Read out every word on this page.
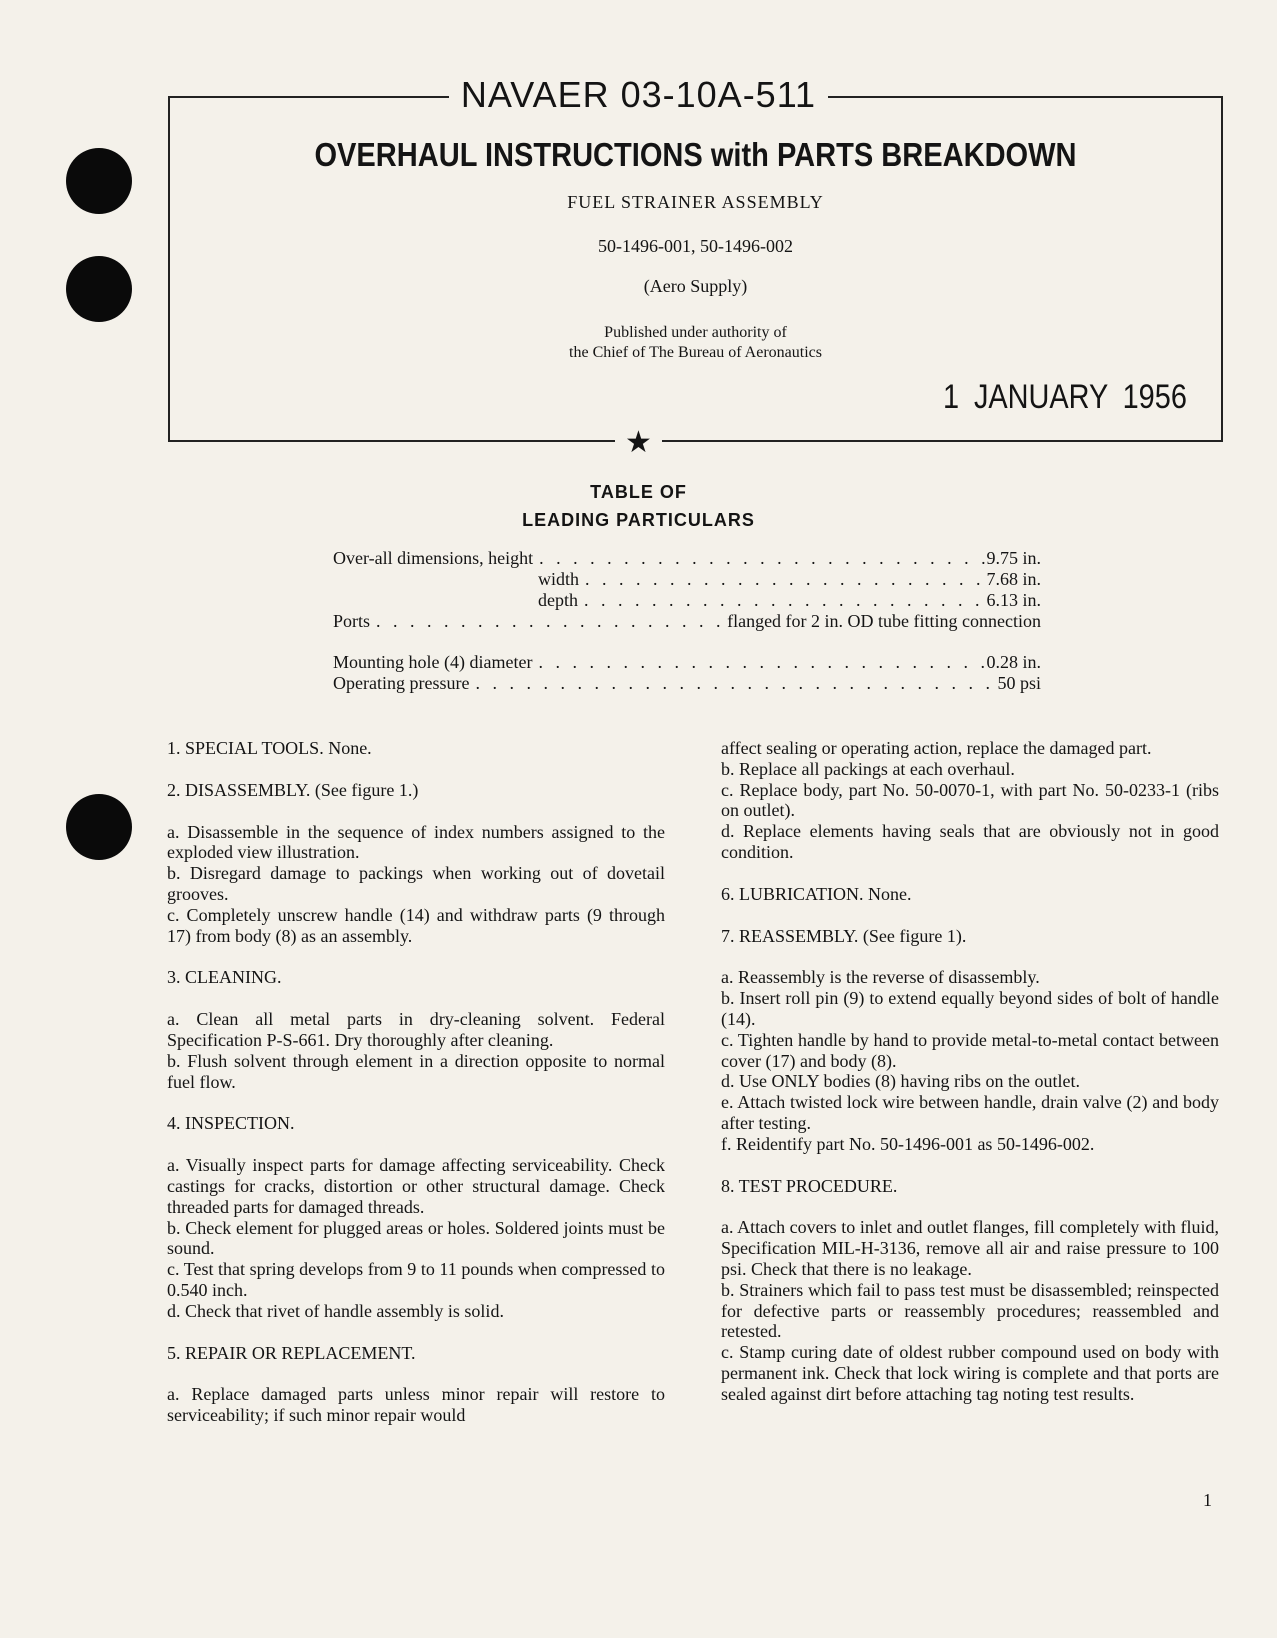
NAVAER 03-10A-511
OVERHAUL INSTRUCTIONS with PARTS BREAKDOWN
FUEL STRAINER ASSEMBLY
50-1496-001, 50-1496-002
(Aero Supply)
Published under authority of
the Chief of The Bureau of Aeronautics
1 JANUARY 1956
★
TABLE OF
LEADING PARTICULARS
Over-all dimensions, height . . .	9.75 in.
width . . .	7.68 in.
depth . . .	6.13 in.
Ports . . .	flanged for 2 in. OD tube fitting connection
Mounting hole (4) diameter . . .	0.28 in.
Operating pressure . . .	50 psi

1. SPECIAL TOOLS. None.

2. DISASSEMBLY. (See figure 1.)

a. Disassemble in the sequence of index numbers assigned to the exploded view illustration.

b. Disregard damage to packings when working out of dovetail grooves.

c. Completely unscrew handle (14) and withdraw parts (9 through 17) from body (8) as an assembly.

3. CLEANING.

a. Clean all metal parts in dry-cleaning solvent. Federal Specification P-S-661. Dry thoroughly after cleaning.

b. Flush solvent through element in a direction opposite to normal fuel flow.

4. INSPECTION.

a. Visually inspect parts for damage affecting serviceability. Check castings for cracks, distortion or other structural damage. Check threaded parts for damaged threads.

b. Check element for plugged areas or holes. Soldered joints must be sound.

c. Test that spring develops from 9 to 11 pounds when compressed to 0.540 inch.

d. Check that rivet of handle assembly is solid.

5. REPAIR OR REPLACEMENT.

a. Replace damaged parts unless minor repair will restore to serviceability; if such minor repair would

affect sealing or operating action, replace the damaged part.

b. Replace all packings at each overhaul.

c. Replace body, part No. 50-0070-1, with part No. 50-0233-1 (ribs on outlet).

d. Replace elements having seals that are obviously not in good condition.

6. LUBRICATION. None.

7. REASSEMBLY. (See figure 1).

a. Reassembly is the reverse of disassembly.

b. Insert roll pin (9) to extend equally beyond sides of bolt of handle (14).

c. Tighten handle by hand to provide metal-to-metal contact between cover (17) and body (8).

d. Use ONLY bodies (8) having ribs on the outlet.

e. Attach twisted lock wire between handle, drain valve (2) and body after testing.

f. Reidentify part No. 50-1496-001 as 50-1496-002.

8. TEST PROCEDURE.

a. Attach covers to inlet and outlet flanges, fill completely with fluid, Specification MIL-H-3136, remove all air and raise pressure to 100 psi. Check that there is no leakage.

b. Strainers which fail to pass test must be disassembled; reinspected for defective parts or reassembly procedures; reassembled and retested.

c. Stamp curing date of oldest rubber compound used on body with permanent ink. Check that lock wiring is complete and that ports are sealed against dirt before attaching tag noting test results.

1
